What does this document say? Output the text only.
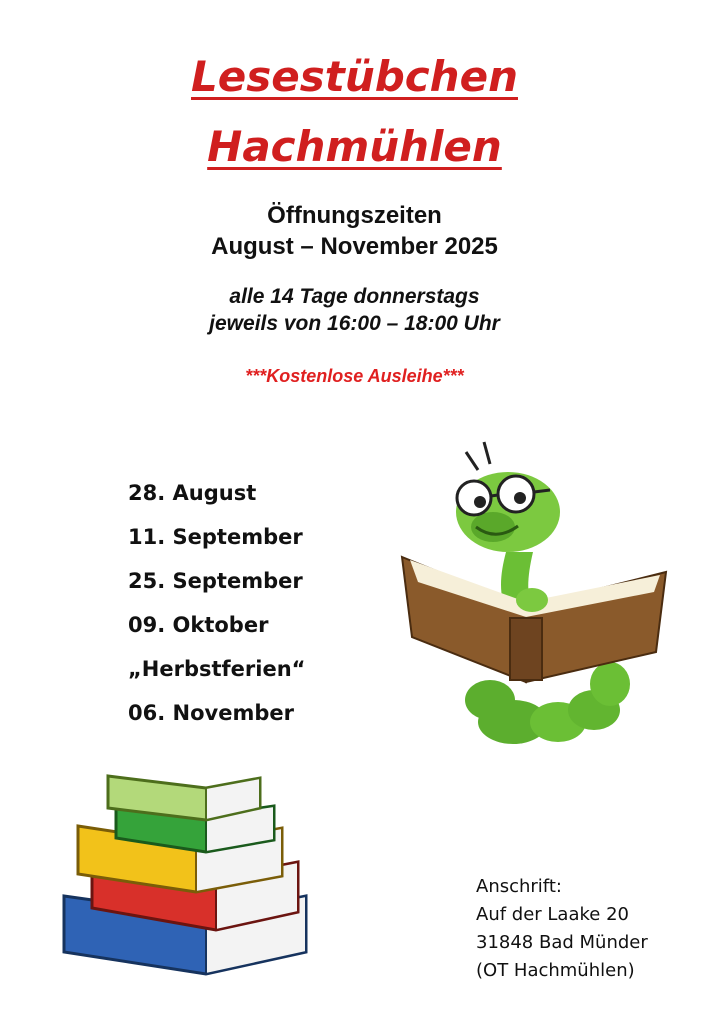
Lesestübchen
Hachmühlen
Öffnungszeiten
August – November 2025
alle 14 Tage donnerstags
jeweils von 16:00 – 18:00 Uhr
***Kostenlose Ausleihe***
28. August
11. September
25. September
09. Oktober
„Herbstferien“
06. November
Anschrift:
Auf der Laake 20
31848 Bad Münder
(OT Hachmühlen)
